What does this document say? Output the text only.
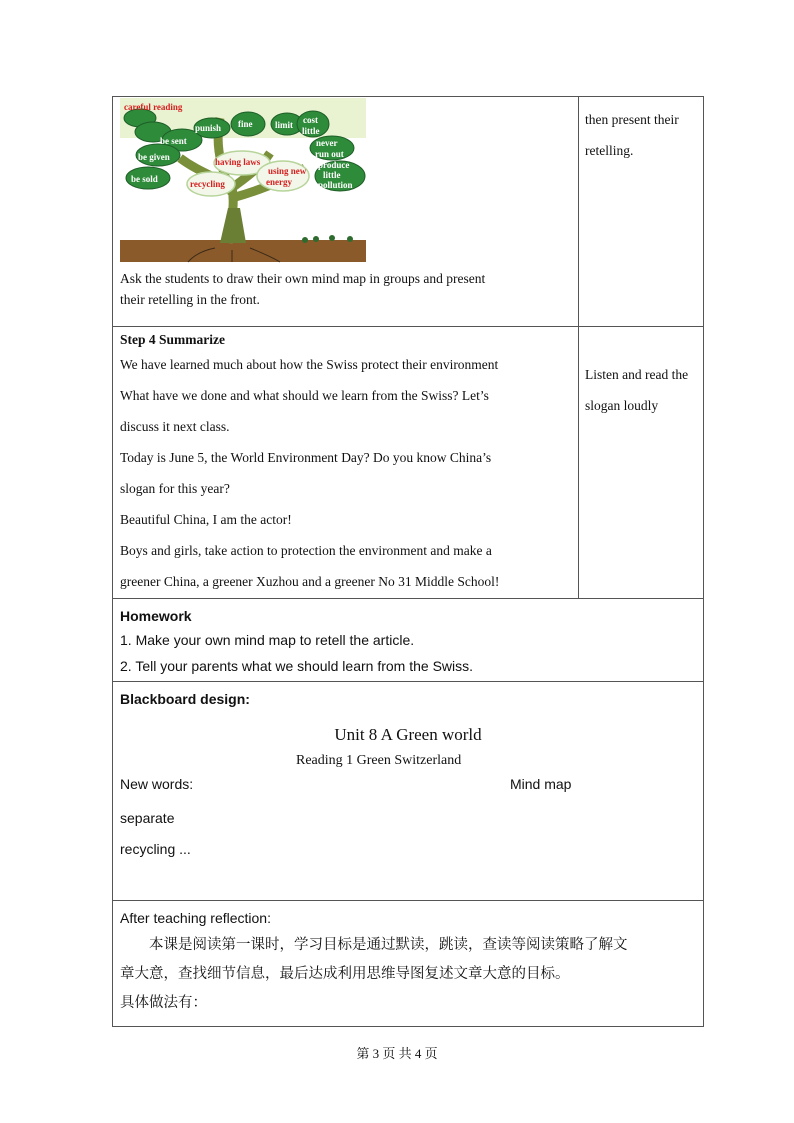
careful reading
punish fine	limit cost
little
be sent
be given
be sold
never
run out
produce
little
pollution
having laws
recycling
using new
energy

Ask the students to draw their own mind map in groups and present

their retelling in the front.

then present their

retelling.

Step 4 Summarize

We have learned much about how the Swiss protect their environment

What have we done and what should we learn from the Swiss? Let’s

discuss it next class.

Today is June 5, the World Environment Day? Do you know China’s

slogan for this year?

Beautiful China, I am the actor!

Boys and girls, take action to protection the environment and make a

greener China, a greener Xuzhou and a greener No 31 Middle School!

Listen and read the

slogan loudly

Homework

1. Make your own mind map to retell the article.

2. Tell your parents what we should learn from the Swiss.

Blackboard design:

Unit 8 A Green world

Reading 1 Green Switzerland

New words:	Mind map

separate

recycling ...

After teaching reflection:

本课是阅读第一课时，学习目标是通过默读，跳读，查读等阅读策略了解文

章大意，查找细节信息，最后达成利用思维导图复述文章大意的目标。

具体做法有：

第 3 页 共 4 页
